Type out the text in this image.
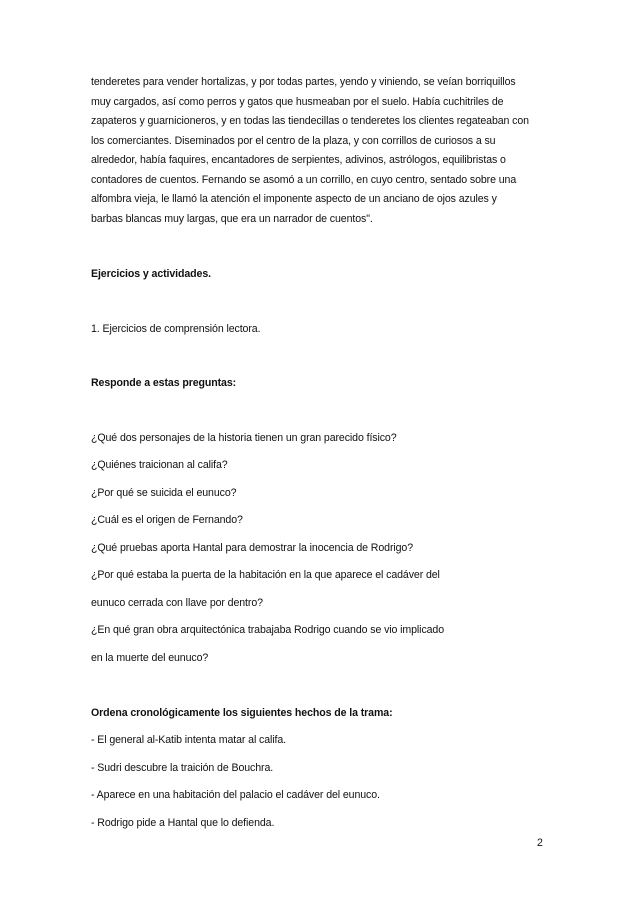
tenderetes para vender hortalizas, y por todas partes, yendo y viniendo, se veían borriquillos
muy cargados, así como perros y gatos que husmeaban por el suelo. Había cuchitriles de
zapateros y guarnicioneros, y en todas las tiendecillas o tenderetes los clientes regateaban con
los comerciantes. Diseminados por el centro de la plaza, y con corrillos de curiosos a su
alrededor, había faquires, encantadores de serpientes, adivinos, astrólogos, equilibristas o
contadores de cuentos. Fernando se asomó a un corrillo, en cuyo centro, sentado sobre una
alfombra vieja, le llamó la atención el imponente aspecto de un anciano de ojos azules y
barbas blancas muy largas, que era un narrador de cuentos".
Ejercicios y actividades.
1. Ejercicios de comprensión lectora.
Responde a estas preguntas:
¿Qué dos personajes de la historia tienen un gran parecido físico?
¿Quiénes traicionan al califa?
¿Por qué se suicida el eunuco?
¿Cuál es el origen de Fernando?
¿Qué pruebas aporta Hantal para demostrar la inocencia de Rodrigo?
¿Por qué estaba la puerta de la habitación en la que aparece el cadáver del
eunuco cerrada con llave por dentro?
¿En qué gran obra arquitectónica trabajaba Rodrigo cuando se vio implicado
en la muerte del eunuco?
Ordena cronológicamente los siguientes hechos de la trama:
- El general al-Katib intenta matar al califa.
- Sudri descubre la traición de Bouchra.
- Aparece en una habitación del palacio el cadáver del eunuco.
- Rodrigo pide a Hantal que lo defienda.
2
